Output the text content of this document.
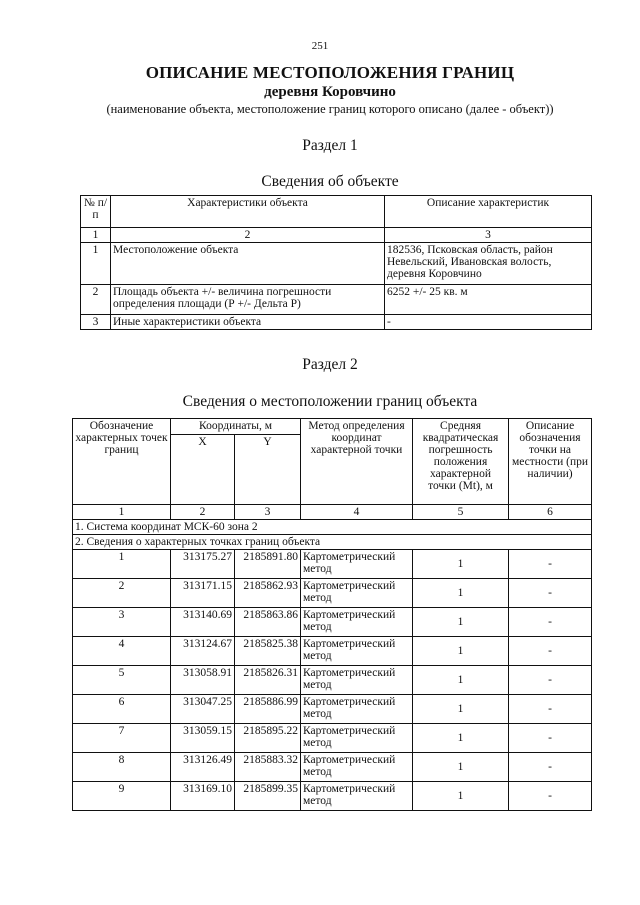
251
ОПИСАНИЕ МЕСТОПОЛОЖЕНИЯ ГРАНИЦ
деревня Коровчино
(наименование объекта, местоположение границ которого описано (далее - объект))
Раздел 1
Сведения об объекте
№ п/п	Характеристики объекта	Описание характеристик
1	2	3
1	Местоположение объекта	182536, Псковская область, район Невельский, Ивановская волость, деревня Коровчино
2	Площадь объекта +/- величина погрешности определения площади (Р +/- Дельта Р)	6252 +/- 25 кв. м
3	Иные характеристики объекта	-
Раздел 2
Сведения о местоположении границ объекта
Обозначение характерных точек границ	Координаты, м		Метод определения координат характерной точки	Средняя квадратическая погрешность положения характерной точки (Mt), м	Описание обозначения точки на местности (при наличии)
	X	Y			
1	2	3	4	5	6
1. Система координат МСК-60 зона 2					
2. Сведения о характерных точках границ объекта					
1	313175.27	2185891.80	Картометрический метод	1	-
2	313171.15	2185862.93	Картометрический метод	1	-
3	313140.69	2185863.86	Картометрический метод	1	-
4	313124.67	2185825.38	Картометрический метод	1	-
5	313058.91	2185826.31	Картометрический метод	1	-
6	313047.25	2185886.99	Картометрический метод	1	-
7	313059.15	2185895.22	Картометрический метод	1	-
8	313126.49	2185883.32	Картометрический метод	1	-
9	313169.10	2185899.35	Картометрический метод	1	-
